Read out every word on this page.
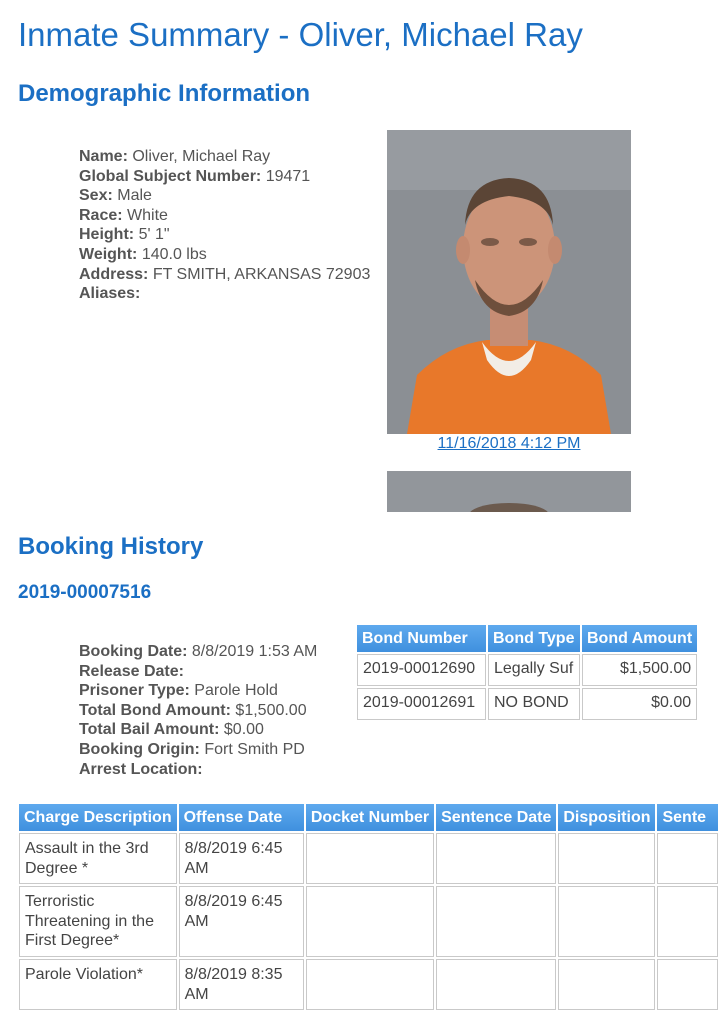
Inmate Summary - Oliver, Michael Ray
Demographic Information
Name: Oliver, Michael Ray
Global Subject Number: 19471
Sex: Male
Race: White
Height: 5' 1"
Weight: 140.0 lbs
Address: FT SMITH, ARKANSAS 72903
Aliases:
11/16/2018 4:12 PM
Booking History
2019-00007516
Booking Date: 8/8/2019 1:53 AM
Release Date:
Prisoner Type: Parole Hold
Total Bond Amount: $1,500.00
Total Bail Amount: $0.00
Booking Origin: Fort Smith PD
Arrest Location:
Bond Number	Bond Type	Bond Amount
2019-00012690	Legally Suf	$1,500.00
2019-00012691	NO BOND	$0.00
Charge Description	Offense Date	Docket Number	Sentence Date	Disposition	Sente
Assault in the 3rd Degree *	8/8/2019 6:45 AM				
Terroristic Threatening in the First Degree*	8/8/2019 6:45 AM				
Parole Violation*	8/8/2019 8:35 AM				
